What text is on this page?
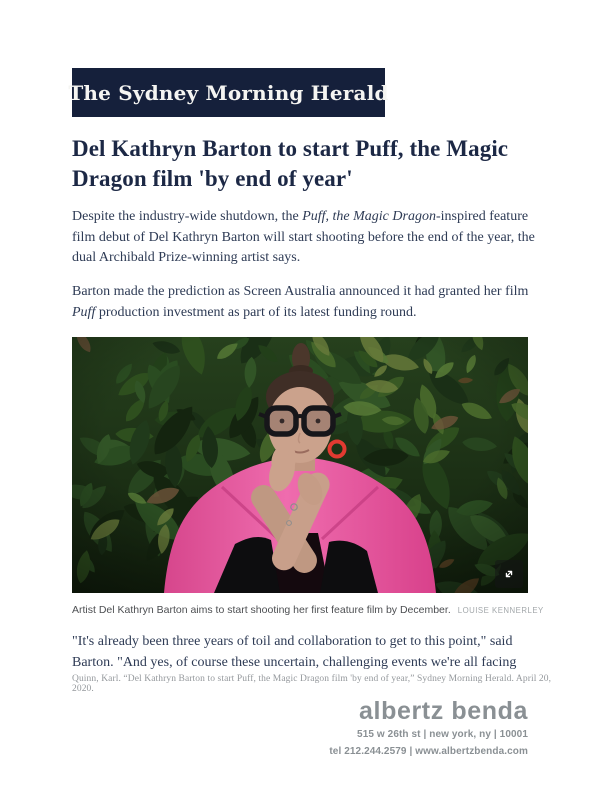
The Sydney Morning Herald
Del Kathryn Barton to start Puff, the Magic Dragon film 'by end of year'

Despite the industry-wide shutdown, the Puff, the Magic Dragon-inspired feature film debut of Del Kathryn Barton will start shooting before the end of the year, the dual Archibald Prize-winning artist says.

Barton made the prediction as Screen Australia announced it had granted her film Puff production investment as part of its latest funding round.

Artist Del Kathryn Barton aims to start shooting her first feature film by December. LOUISE KENNERLEY

"It's already been three years of toil and collaboration to get to this point," said Barton. "And yes, of course these uncertain, challenging events we're all facing

Quinn, Karl. “Del Kathryn Barton to start Puff, the Magic Dragon film 'by end of year,” Sydney Morning Herald. April 20, 2020.

albertz benda
515 w 26th st | new york, ny | 10001
tel 212.244.2579 | www.albertzbenda.com
